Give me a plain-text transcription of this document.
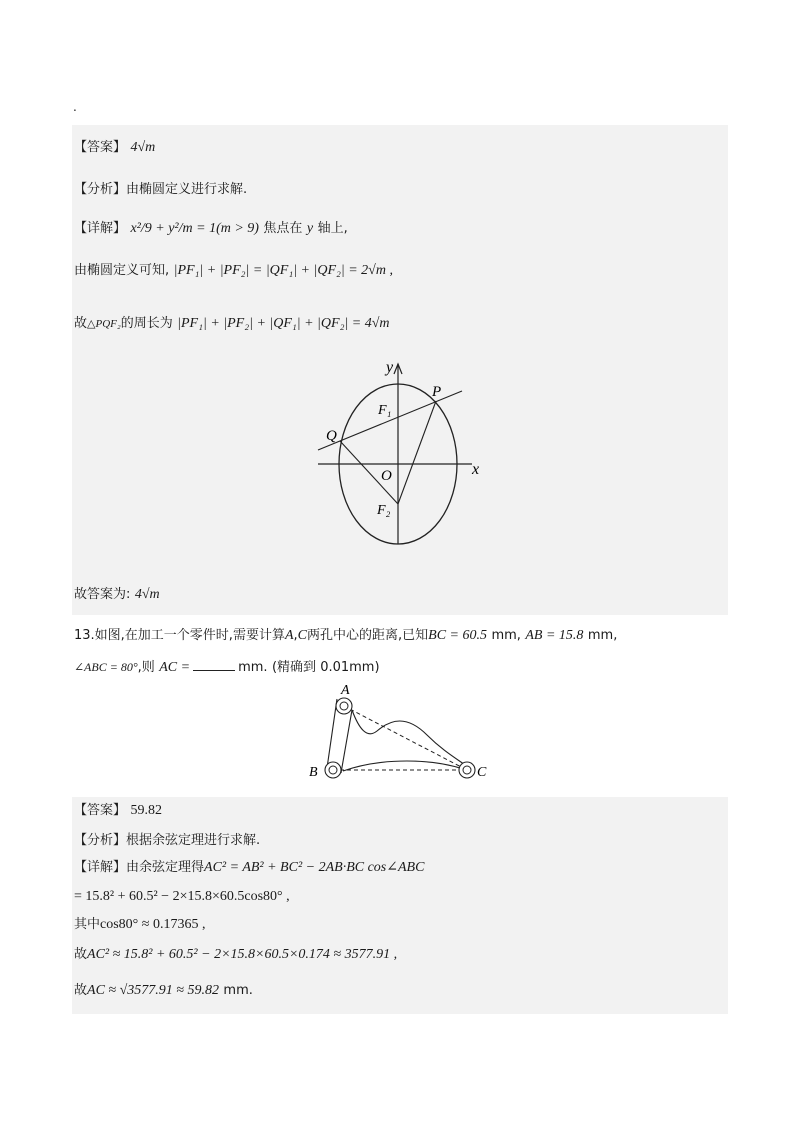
.
【答案】 4√m
【分析】由椭圆定义进行求解.
【详解】 x²/9 + y²/m = 1(m > 9) 焦点在 y 轴上,
由椭圆定义可知, |PF₁| + |PF₂| = |QF₁| + |QF₂| = 2√m ,
故△PQF₂的周长为 |PF₁| + |PF₂| + |QF₁| + |QF₂| = 4√m
y
x
O
P
Q
F₁
F₂
故答案为: 4√m
13.如图,在加工一个零件时,需要计算A,C两孔中心的距离,已知BC = 60.5 mm, AB = 15.8 mm,
∠ABC = 80°,则 AC =	mm. (精确到 0.01mm)
A
B	C
【答案】 59.82
【分析】根据余弦定理进行求解.
【详解】由余弦定理得AC² = AB² + BC² − 2AB·BC cos∠ABC
= 15.8² + 60.5² − 2×15.8×60.5cos80° ,
其中cos80° ≈ 0.17365 ,
故AC² ≈ 15.8² + 60.5² − 2×15.8×60.5×0.174 ≈ 3577.91 ,
故AC ≈ √3577.91 ≈ 59.82 mm.
